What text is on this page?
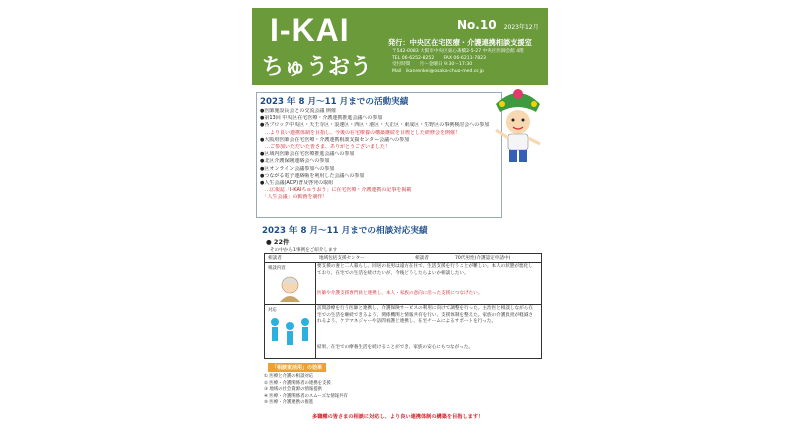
I-KAI
ちゅうおう
No.10 2023年12月
発行：中央区在宅医療・介護連携相談支援室
〒542-0083 大阪市中央区東心斎橋2-5-27 中央区医師会館 4階
TEL 06-6252-8252　　FAX 06-6211-7823
受付時間　　月～金曜日 9:30～17:30
Mail　ikanrenkei@osaka-chuo-med.or.jp
2023 年 8 月～11 月までの活動実績
●医師施設長会との交流会議 開催
●第13回 中央区在宅医療・介護連携推進会議への参加
●各ブロック中央区・天王寺区・浪速区・西区・港区・大正区・東成区・生野区の事例検討会への参加
　…より良い連携体制を目指し、今後の在宅療養の構築継続を目標とした研修会を開催！
●大阪府医師会在宅医療・介護連携相談支援センター会議への参加
　…ご参加いただいた皆さま、ありがとうございました！
●区域内医師会在宅医療推進会議への参加
●北区介護保険連絡会への参加
●区オンライン会議参加への参加
●つながる電子連絡帳を利用した会議への参加
●人生会議(ACP)普及啓発の取組
　…広報誌「I-KAIちゅうおう」に在宅医療・介護連携の記事を掲載
　「人生会議」の動画を制作！
2023 年 8 月～11 月までの相談対応実績
● 22件
その中から1事例をご紹介します
相談者	地域包括支援センター	相談者	70代男性(介護認定申請中)
相談内容	要支援の妻と二人暮らし。同居の長男は遠方在住で、生活支援を行うことが難しい。本人の状態が悪化しており、在宅での生活を続けたいが、今後どうしたらよいか相談したい。
医師や介護支援専門員と連携し、本人・家族の意向に沿った支援につなげたい。
対応	訪問診療を行う医師と連携し、介護保険サービスの利用に向けて調整を行った。主治医と相談しながら在宅での生活を継続できるよう、関係機関と情報共有を行い、支援体制を整えた。家族の介護負担が軽減されるよう、ケアマネジャーや訪問看護と連携し、在宅チームによるサポートを行った。
結果、在宅での療養生活を続けることができ、家族の安心にもつながった。
「相談室活用」の効果
① 医療と介護の相談対応
② 医療・介護関係者の連携を支援
③ 地域の社会資源の情報提供
④ 医療・介護関係者のスムーズな情報共有
⑤ 医療・介護連携の推進
多職種の皆さまの相談に対応し、より良い連携体制の構築を目指します！
